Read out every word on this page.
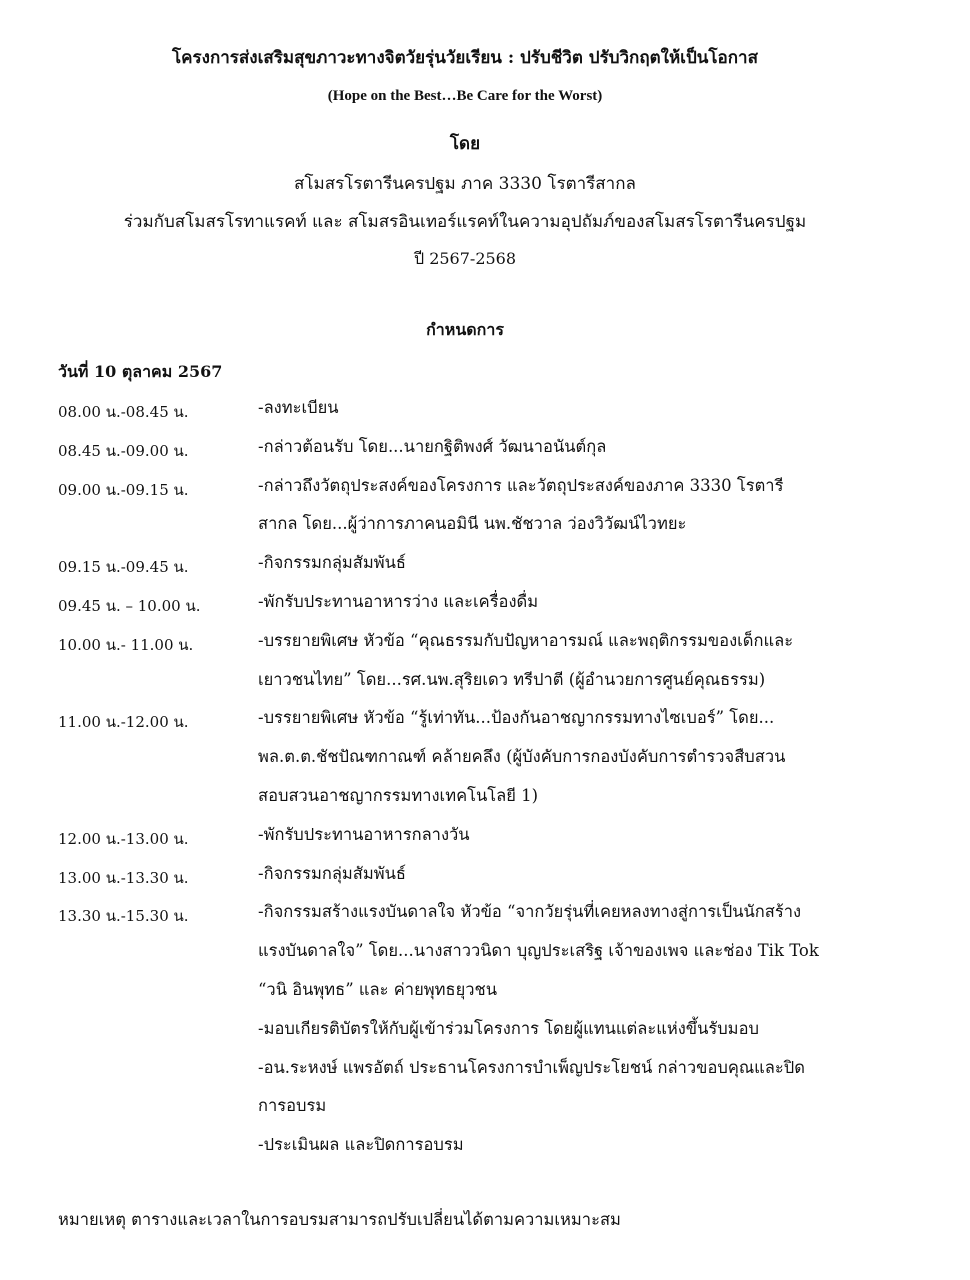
โครงการส่งเสริมสุขภาวะทางจิตวัยรุ่นวัยเรียน : ปรับชีวิต ปรับวิกฤตให้เป็นโอกาส
(Hope on the Best…Be Care for the Worst)
โดย
สโมสรโรตารีนครปฐม ภาค 3330 โรตารีสากล
ร่วมกับสโมสรโรทาแรคท์ และ สโมสรอินเทอร์แรคท์ในความอุปถัมภ์ของสโมสรโรตารีนครปฐม
ปี 2567-2568
กำหนดการ
วันที่ 10 ตุลาคม 2567
08.00 น.-08.45 น.	-ลงทะเบียน
08.45 น.-09.00 น.	-กล่าวต้อนรับ โดย...นายกฐิติพงศ์ วัฒนาอนันต์กุล
09.00 น.-09.15 น.	-กล่าวถึงวัตถุประสงค์ของโครงการ และวัตถุประสงค์ของภาค 3330 โรตารี
สากล โดย...ผู้ว่าการภาคนอมินี นพ.ชัชวาล ว่องวิวัฒน์ไวทยะ
09.15 น.-09.45 น.	-กิจกรรมกลุ่มสัมพันธ์
09.45 น. – 10.00 น.	-พักรับประทานอาหารว่าง และเครื่องดื่ม
10.00 น.- 11.00 น.	-บรรยายพิเศษ หัวข้อ “คุณธรรมกับปัญหาอารมณ์ และพฤติกรรมของเด็กและ
เยาวชนไทย” โดย...รศ.นพ.สุริยเดว ทรีปาตี (ผู้อำนวยการศูนย์คุณธรรม)
11.00 น.-12.00 น.	-บรรยายพิเศษ หัวข้อ “รู้เท่าทัน...ป้องกันอาชญากรรมทางไซเบอร์” โดย...
พล.ต.ต.ชัชปัณฑกาณฑ์ คล้ายคลึง (ผู้บังคับการกองบังคับการตำรวจสืบสวน
สอบสวนอาชญากรรมทางเทคโนโลยี 1)
12.00 น.-13.00 น.	-พักรับประทานอาหารกลางวัน
13.00 น.-13.30 น.	-กิจกรรมกลุ่มสัมพันธ์
13.30 น.-15.30 น.	-กิจกรรมสร้างแรงบันดาลใจ หัวข้อ “จากวัยรุ่นที่เคยหลงทางสู่การเป็นนักสร้าง
แรงบันดาลใจ” โดย...นางสาววนิดา บุญประเสริฐ เจ้าของเพจ และช่อง Tik Tok
“วนิ อินพุทธ” และ ค่ายพุทธยุวชน
-มอบเกียรติบัตรให้กับผู้เข้าร่วมโครงการ โดยผู้แทนแต่ละแห่งขึ้นรับมอบ
-อน.ระหงษ์ แพรอัตถ์ ประธานโครงการบำเพ็ญประโยชน์ กล่าวขอบคุณและปิด
การอบรม
-ประเมินผล และปิดการอบรม
หมายเหตุ ตารางและเวลาในการอบรมสามารถปรับเปลี่ยนได้ตามความเหมาะสม
